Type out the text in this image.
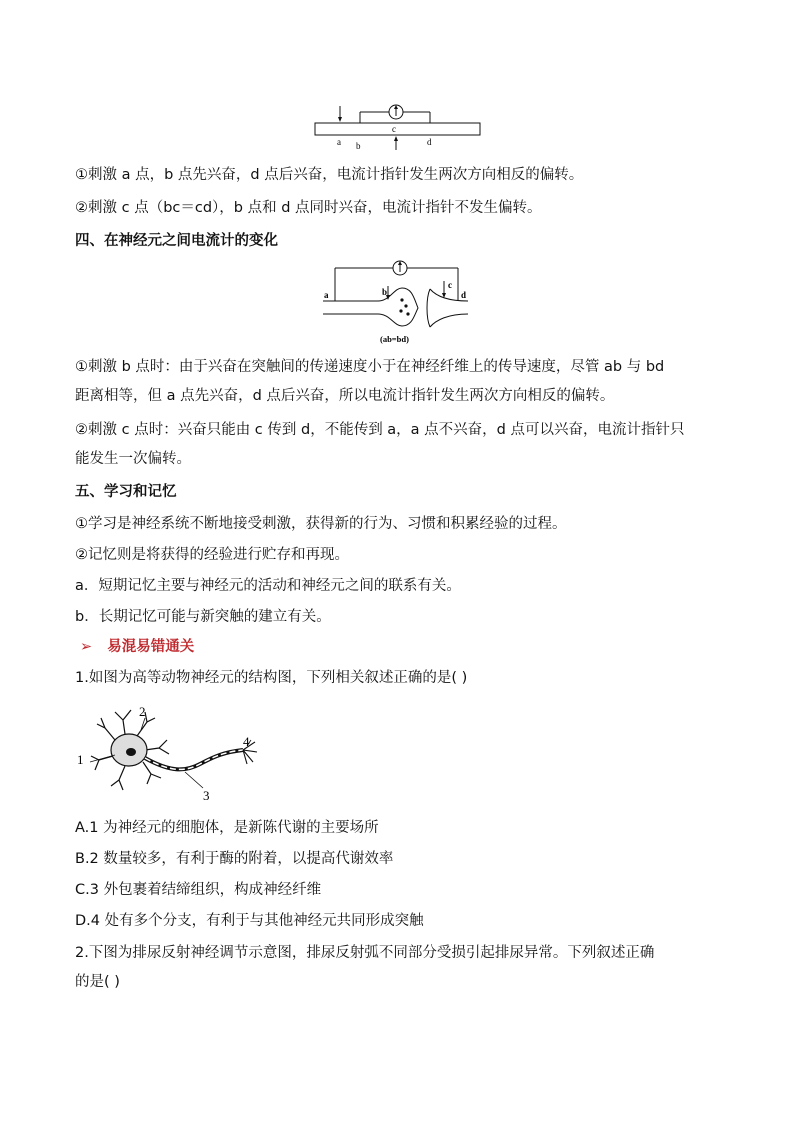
a b
c
d
①刺激 a 点，b 点先兴奋，d 点后兴奋，电流计指针发生两次方向相反的偏转。
②刺激 c 点（bc＝cd），b 点和 d 点同时兴奋，电流计指针不发生偏转。
四、在神经元之间电流计的变化
a	b
c
d
(ab=bd)
①刺激 b 点时：由于兴奋在突触间的传递速度小于在神经纤维上的传导速度，尽管 ab 与 bd
距离相等，但 a 点先兴奋，d 点后兴奋，所以电流计指针发生两次方向相反的偏转。
②刺激 c 点时：兴奋只能由 c 传到 d，不能传到 a，a 点不兴奋，d 点可以兴奋，电流计指针只
能发生一次偏转。
五、学习和记忆
①学习是神经系统不断地接受刺激，获得新的行为、习惯和积累经验的过程。
②记忆则是将获得的经验进行贮存和再现。
a．短期记忆主要与神经元的活动和神经元之间的联系有关。
b．长期记忆可能与新突触的建立有关。
➢ 易混易错通关
1.如图为高等动物神经元的结构图，下列相关叙述正确的是( )
1
2
3
4
A.1 为神经元的细胞体，是新陈代谢的主要场所
B.2 数量较多，有利于酶的附着，以提高代谢效率
C.3 外包裹着结缔组织，构成神经纤维
D.4 处有多个分支，有利于与其他神经元共同形成突触
2.下图为排尿反射神经调节示意图，排尿反射弧不同部分受损引起排尿异常。下列叙述正确
的是( )
